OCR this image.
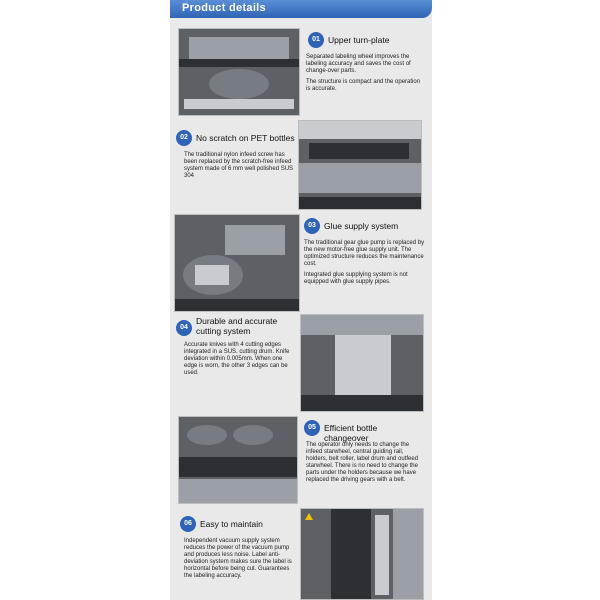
Product details
01 Upper turn-plate

Separated labeling wheel improves the labeling accuracy and saves the cost of change-over parts.

The structure is compact and the operation is accurate.

02 No scratch on PET bottles

The traditional nylon infeed screw has been replaced by the scratch-free infeed system made of 6 mm well polished SUS 304

03 Glue supply system

The traditional gear glue pump is replaced by the new motor-free glue supply unit. The optimized structure reduces the maintenance cost.

Integrated glue supplying system is not equipped with glue supply pipes.

04
Durable and accurate cutting system

Accurate knives with 4 cutting edges integrated in a SUS. cutting drum. Knife deviation within 0.005mm. When one edge is worn, the other 3 edges can be used.

05 Efficient bottle changeover

The operator only needs to change the infeed starwheel, central guiding rail, holders, belt roller, label drum and outfeed starwheel. There is no need to change the parts under the holders because we have replaced the driving gears with a belt.

06 Easy to maintain

Independent vacuum supply system reduces the power of the vacuum pump and produces less noise. Label anti-deviation system makes sure the label is horizontal before being cut. Guarantees the labeling accuracy.
